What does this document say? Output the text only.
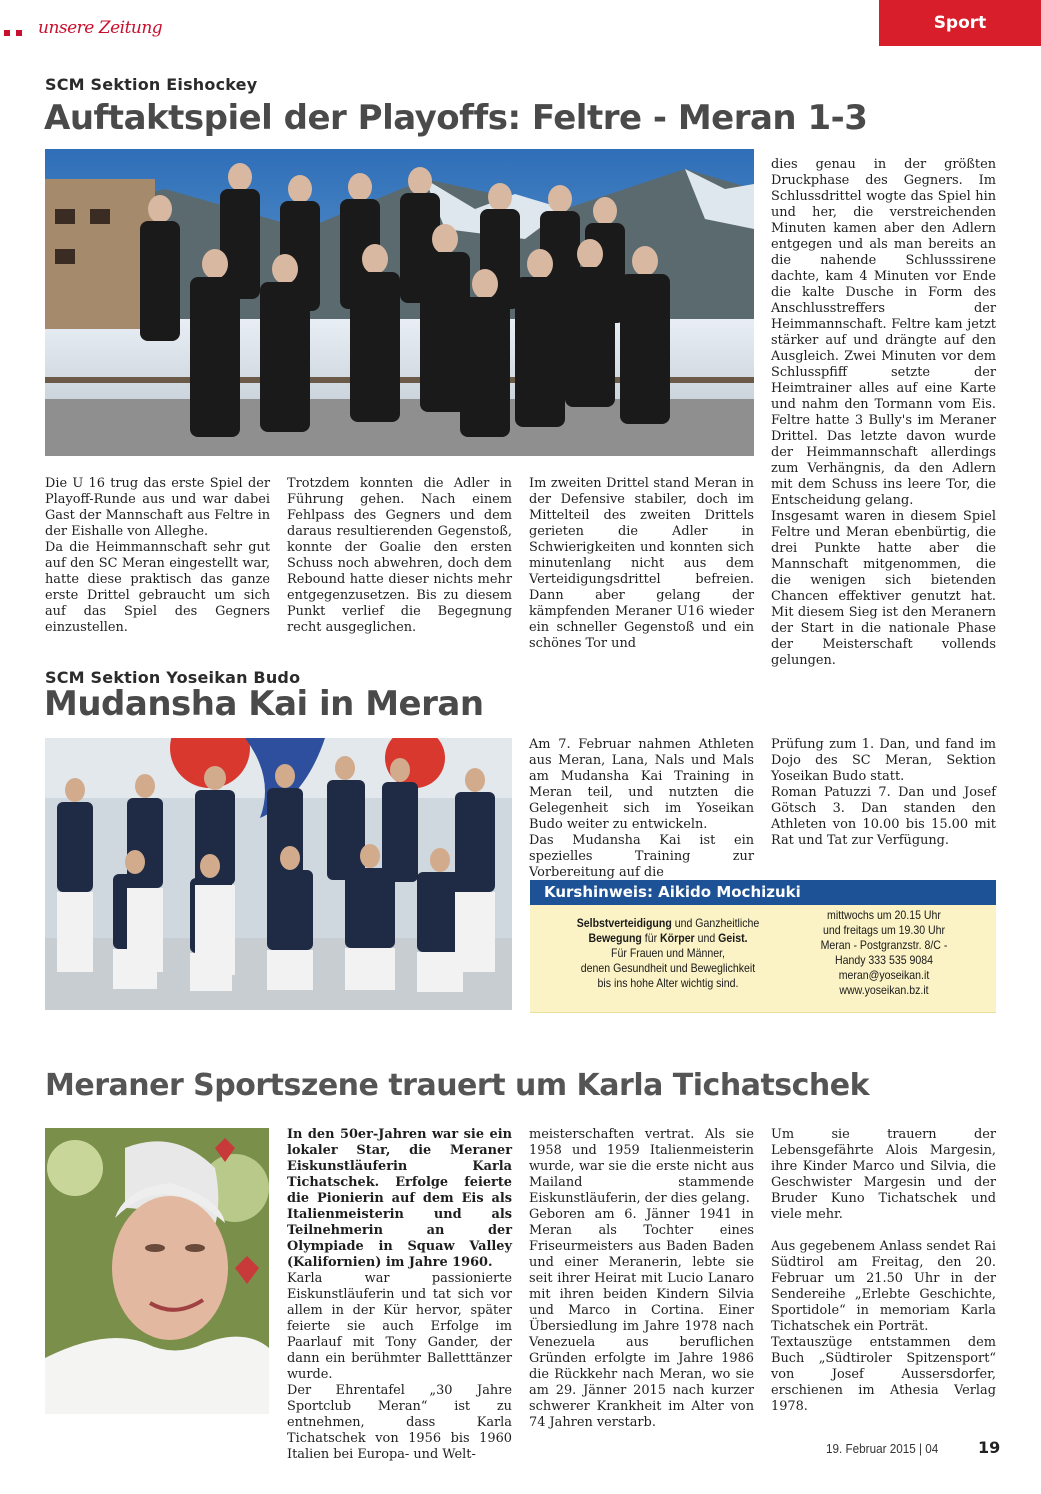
unsere Zeitung	Sport
SCM Sektion Eishockey
Auftaktspiel der Playoffs: Feltre - Meran 1-3

Die U 16 trug das erste Spiel der Playoff-Runde aus und war dabei Gast der Mannschaft aus Feltre in der Eishalle von Alleghe.

Da die Heimmannschaft sehr gut auf den SC Meran eingestellt war, hatte diese praktisch das ganze erste Drittel gebraucht um sich auf das Spiel des Gegners einzustellen.

Trotzdem konnten die Adler in Führung gehen. Nach einem Fehlpass des Gegners und dem daraus resultierenden Gegenstoß, konnte der Goalie den ersten Schuss noch abwehren, doch dem Rebound hatte dieser nichts mehr entgegenzusetzen. Bis zu diesem Punkt verlief die Begegnung recht ausgeglichen.

Im zweiten Drittel stand Meran in der Defensive stabiler, doch im Mittelteil des zweiten Drittels gerieten die Adler in Schwierigkeiten und konnten sich minutenlang nicht aus dem Verteidigungsdrittel befreien. Dann aber gelang der kämpfenden Meraner U16 wieder ein schneller Gegenstoß und ein schönes Tor und

dies genau in der größten Druckphase des Gegners. Im Schlussdrittel wogte das Spiel hin und her, die verstreichenden Minuten kamen aber den Adlern entgegen und als man bereits an die nahende Schlusssirene dachte, kam 4 Minuten vor Ende die kalte Dusche in Form des Anschlusstreffers der Heimmannschaft. Feltre kam jetzt stärker auf und drängte auf den Ausgleich. Zwei Minuten vor dem Schlusspfiff setzte der Heimtrainer alles auf eine Karte und nahm den Tormann vom Eis. Feltre hatte 3 Bully's im Meraner Drittel. Das letzte davon wurde der Heimmannschaft allerdings zum Verhängnis, da den Adlern mit dem Schuss ins leere Tor, die Entscheidung gelang.

Insgesamt waren in diesem Spiel Feltre und Meran ebenbürtig, die drei Punkte hatte aber die Mannschaft mitgenommen, die die wenigen sich bietenden Chancen effektiver genutzt hat. Mit diesem Sieg ist den Meranern der Start in die nationale Phase der Meisterschaft vollends gelungen.

SCM Sektion Yoseikan Budo
Mudansha Kai in Meran

Am 7. Februar nahmen Athleten aus Meran, Lana, Nals und Mals am Mudansha Kai Training in Meran teil, und nutzten die Gelegenheit sich im Yoseikan Budo weiter zu entwickeln.

Das Mudansha Kai ist ein spezielles Training zur Vorbereitung auf die

Prüfung zum 1. Dan, und fand im Dojo des SC Meran, Sektion Yoseikan Budo statt.

Roman Patuzzi 7. Dan und Josef Götsch 3. Dan standen den Athleten von 10.00 bis 15.00 mit Rat und Tat zur Verfügung.

Kurshinweis: Aikido Mochizuki
Selbstverteidigung und Ganzheitliche
Bewegung für Körper und Geist.
Für Frauen und Männer,
denen Gesundheit und Beweglichkeit
bis ins hohe Alter wichtig sind.
mittwochs um 20.15 Uhr
und freitags um 19.30 Uhr
Meran - Postgranzstr. 8/C -
Handy 333 535 9084
meran@yoseikan.it
www.yoseikan.bz.it
Meraner Sportszene trauert um Karla Tichatschek

In den 50er-Jahren war sie ein lokaler Star, die Meraner Eiskunstläuferin Karla Tichatschek. Erfolge feierte die Pionierin auf dem Eis als Italienmeisterin und als Teilnehmerin an der Olympiade in Squaw Valley (Kalifornien) im Jahre 1960.

Karla war passionierte Eiskunstläuferin und tat sich vor allem in der Kür hervor, später feierte sie auch Erfolge im Paarlauf mit Tony Gander, der dann ein berühmter Balletttänzer wurde.

Der Ehrentafel „30 Jahre Sportclub Meran“ ist zu entnehmen, dass Karla Tichatschek von 1956 bis 1960 Italien bei Europa- und Welt-

meisterschaften vertrat. Als sie 1958 und 1959 Italienmeisterin wurde, war sie die erste nicht aus Mailand stammende Eiskunstläuferin, der dies gelang.

Geboren am 6. Jänner 1941 in Meran als Tochter eines Friseurmeisters aus Baden Baden und einer Meranerin, lebte sie seit ihrer Heirat mit Lucio Lanaro mit ihren beiden Kindern Silvia und Marco in Cortina. Einer Übersiedlung im Jahre 1978 nach Venezuela aus beruflichen Gründen erfolgte im Jahre 1986 die Rückkehr nach Meran, wo sie am 29. Jänner 2015 nach kurzer schwerer Krankheit im Alter von 74 Jahren verstarb.

Um sie trauern der Lebensgefährte Alois Margesin, ihre Kinder Marco und Silvia, die Geschwister Margesin und der Bruder Kuno Tichatschek und viele mehr.

Aus gegebenem Anlass sendet Rai Südtirol am Freitag, den 20. Februar um 21.50 Uhr in der Sendereihe „Erlebte Geschichte, Sportidole“ in memoriam Karla Tichatschek ein Porträt.

Textauszüge entstammen dem Buch „Südtiroler Spitzensport“ von Josef Aussersdorfer, erschienen im Athesia Verlag 1978.

19. Februar 2015 | 04 19
